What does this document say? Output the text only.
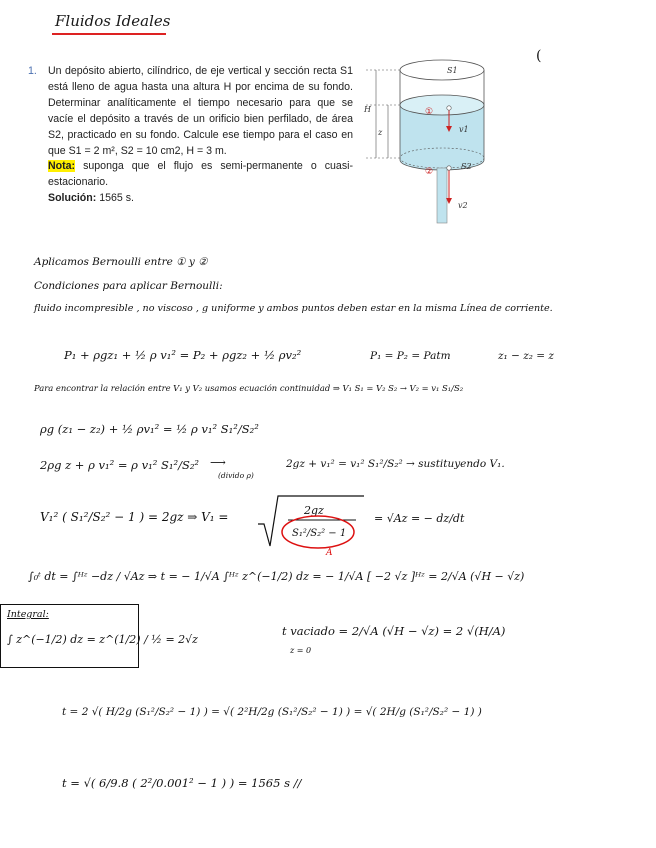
Fluidos Ideales
(
1. Un depósito abierto, cilíndrico, de eje vertical y sección recta S1 está lleno de agua hasta una altura H por encima de su fondo. Determinar analíticamente el tiempo necesario para que se vacíe el depósito a través de un orificio bien perfilado, de área S2, practicado en su fondo. Calcule ese tiempo para el caso en que S1 = 2 m², S2 = 10 cm2, H = 3 m.
Nota: suponga que el flujo es semi-permanente o cuasi-estacionario.
Solución: 1565 s.
S1
H
z	v1
S2
v2
①
②
Aplicamos Bernoulli entre ① y ②
Condiciones para aplicar Bernoulli:
fluido incompresible , no viscoso , g uniforme y ambos puntos deben estar en la misma Línea de corriente.
P₁ + ρgz₁ + ½ ρ v₁² = P₂ + ρgz₂ + ½ ρv₂²	P₁ = P₂ = Patm	z₁ − z₂ = z
Para encontrar la relación entre V₁ y V₂ usamos ecuación continuidad ⇒ V₁ S₁ = V₂ S₂ → V₂ = v₁ S₁/S₂
ρg (z₁ − z₂) + ½ ρv₁² = ½ ρ v₁² S₁²/S₂²
2ρg z + ρ v₁² = ρ v₁² S₁²/S₂²
(divido ρ)
⟶	2gz + v₁² = v₁² S₁²/S₂² → sustituyendo V₁.
V₁² ( S₁²/S₂² − 1 ) = 2gz ⇒ V₁ =	2gz
S₁²/S₂² − 1
A
= √Az = − dz/dt
∫₀ᵗ dt = ∫ᴴᶻ −dz / √Az ⇒ t = − 1/√A ∫ᴴᶻ z^(−1/2) dz = − 1/√A [ −2 √z ]ᴴᶻ = 2/√A (√H − √z)
Integral:
∫ z^(−1/2) dz = z^(1/2) / ½ = 2√z
t vaciado = 2/√A (√H − √z) = 2 √(H/A)
z = 0
t = 2 √( H/2g (S₁²/S₂² − 1) ) = √( 2²H/2g (S₁²/S₂² − 1) ) = √( 2H/g (S₁²/S₂² − 1) )
t = √( 6/9.8 ( 2²/0.001² − 1 ) ) = 1565 s //
